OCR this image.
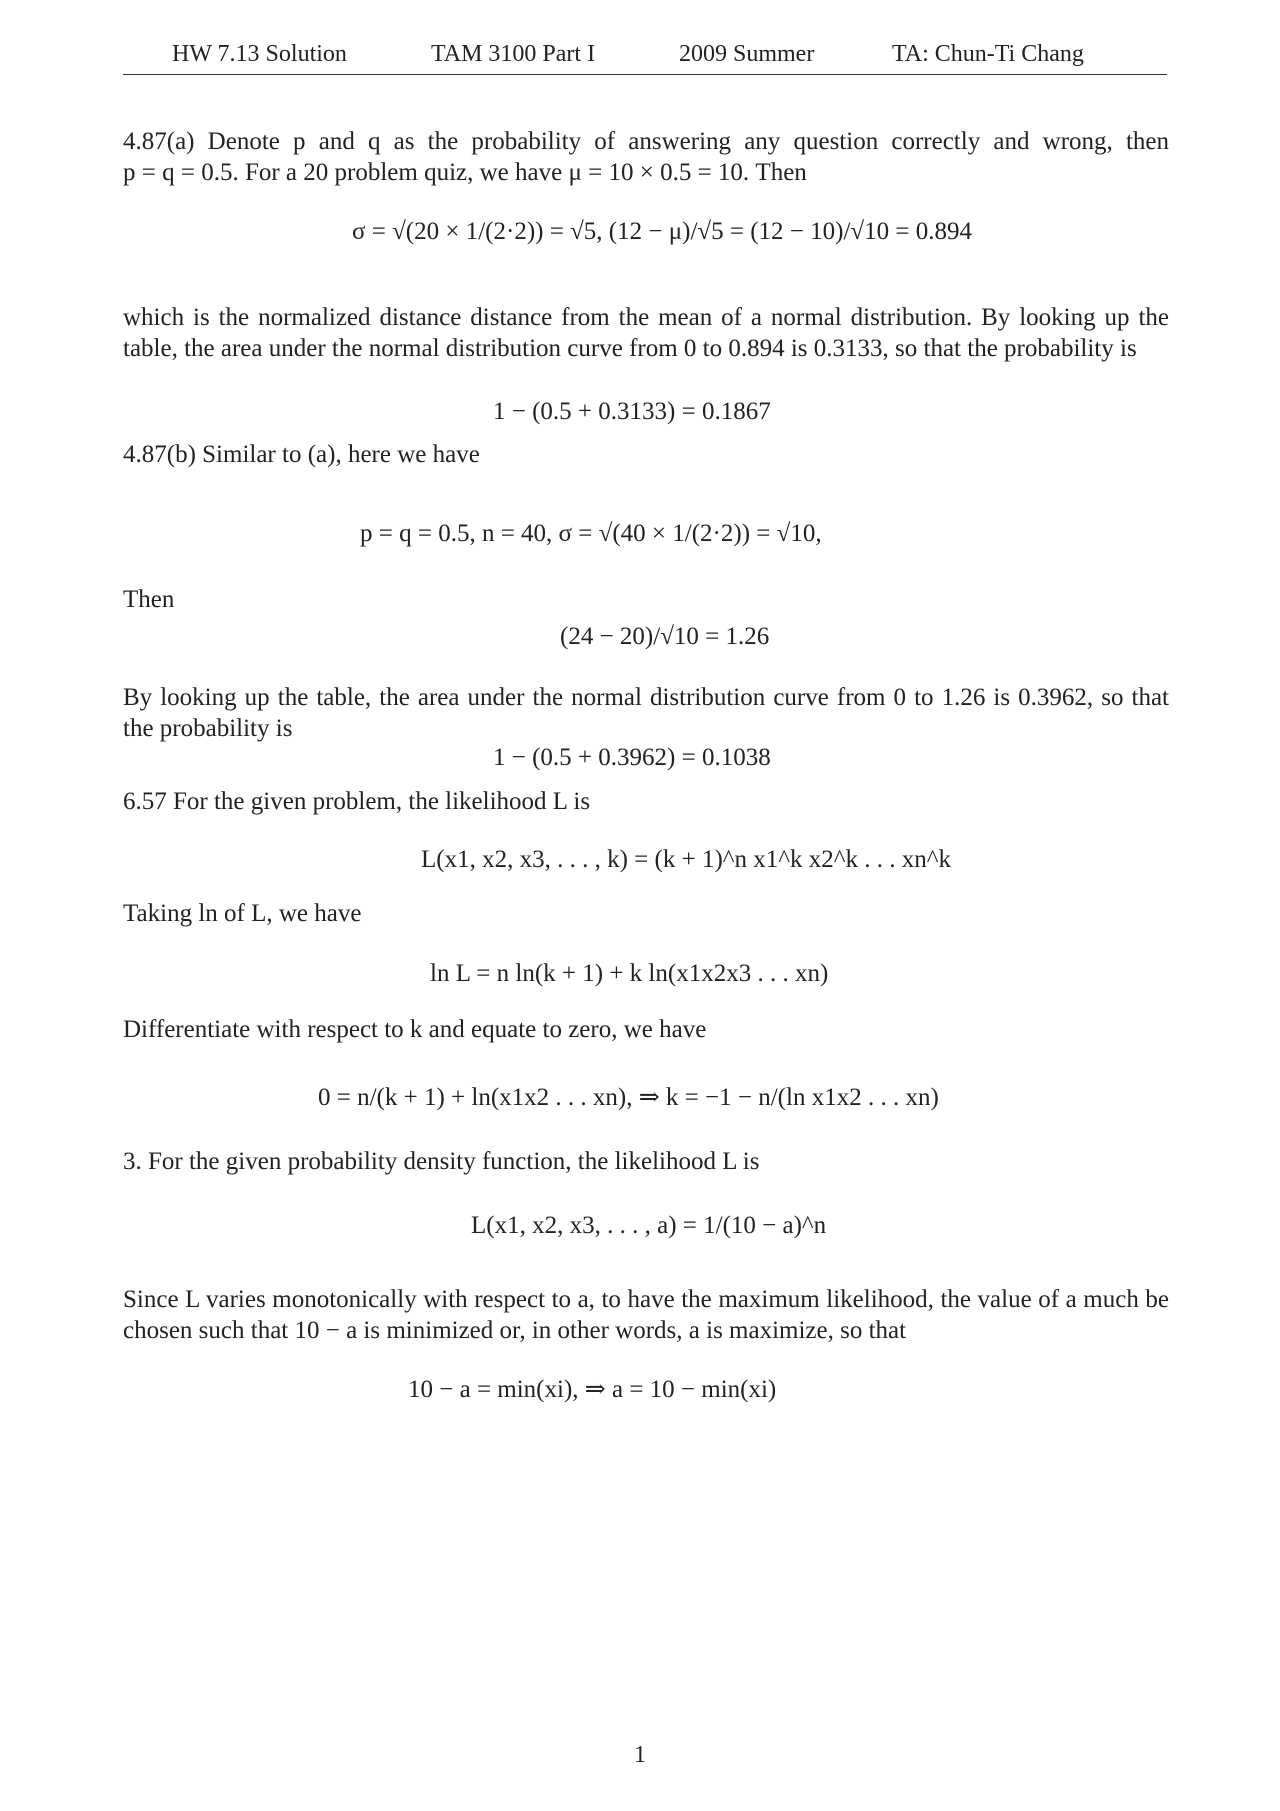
HW 7.13 Solution	TAM 3100 Part I	2009 Summer	TA: Chun-Ti Chang
4.87(a) Denote p and q as the probability of answering any question correctly and wrong, then
p = q = 0.5. For a 20 problem quiz, we have μ = 10 × 0.5 = 10. Then
σ = √(20 × 1/(2·2)) = √5, (12 − μ)/√5 = (12 − 10)/√10 = 0.894
which is the normalized distance distance from the mean of a normal distribution. By looking up the table, the area under the normal distribution curve from 0 to 0.894 is 0.3133, so that the probability is
1 − (0.5 + 0.3133) = 0.1867
4.87(b) Similar to (a), here we have
p = q = 0.5, n = 40, σ = √(40 × 1/(2·2)) = √10,
Then
(24 − 20)/√10 = 1.26
By looking up the table, the area under the normal distribution curve from 0 to 1.26 is 0.3962, so that the probability is
1 − (0.5 + 0.3962) = 0.1038
6.57 For the given problem, the likelihood L is
L(x1, x2, x3, . . . , k) = (k + 1)^n x1^k x2^k . . . xn^k
Taking ln of L, we have
ln L = n ln(k + 1) + k ln(x1x2x3 . . . xn)
Differentiate with respect to k and equate to zero, we have
0 = n/(k + 1) + ln(x1x2 . . . xn), ⇒ k = −1 − n/(ln x1x2 . . . xn)
3. For the given probability density function, the likelihood L is
L(x1, x2, x3, . . . , a) = 1/(10 − a)^n
Since L varies monotonically with respect to a, to have the maximum likelihood, the value of a much be chosen such that 10 − a is minimized or, in other words, a is maximize, so that
10 − a = min(xi), ⇒ a = 10 − min(xi)
1
